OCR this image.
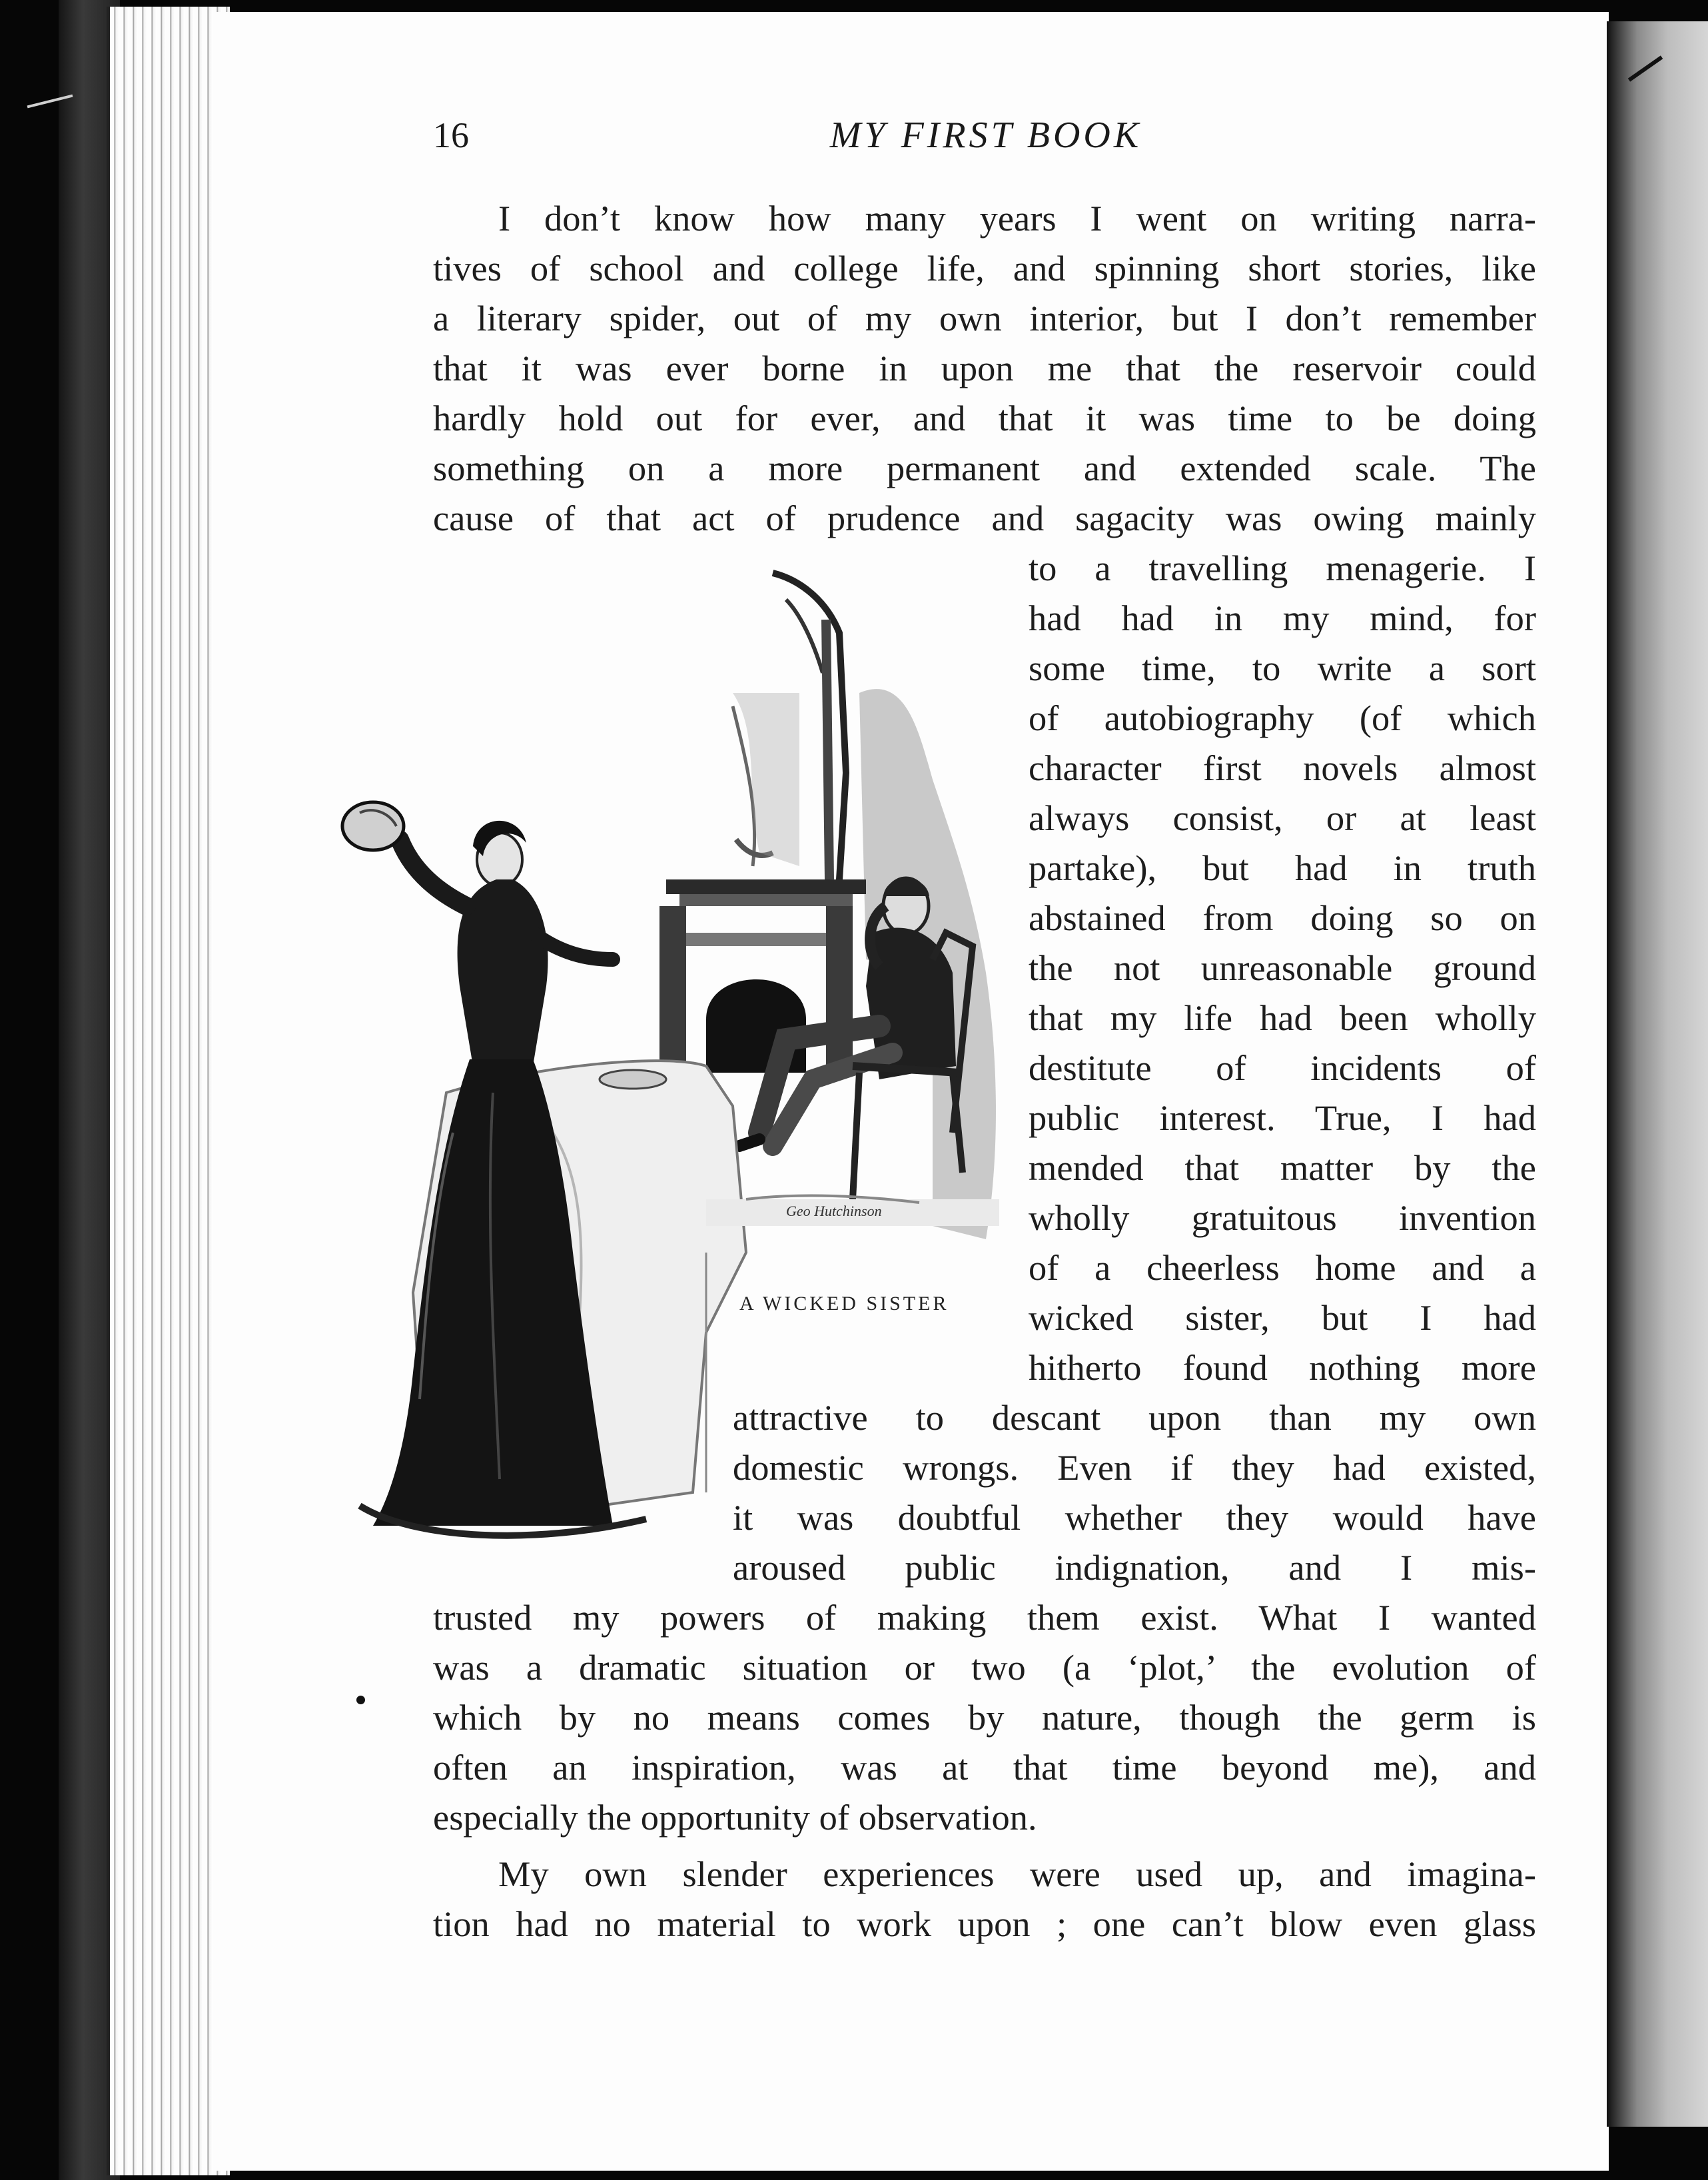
16	MY FIRST BOOK

I don’t know how many years I went on writing narra-

tives of school and college life, and spinning short stories, like

a literary spider, out of my own interior, but I don’t remember

that it was ever borne in upon me that the reservoir could

hardly hold out for ever, and that it was time to be doing

something on a more permanent and extended scale. The

cause of that act of prudence and sagacity was owing mainly

to a travelling menagerie. I

had had in my mind, for

some time, to write a sort

of autobiography (of which

character first novels almost

always consist, or at least

partake), but had in truth

abstained from doing so on

the not unreasonable ground

that my life had been wholly

destitute of incidents of

public interest. True, I had

mended that matter by the

wholly gratuitous invention

of a cheerless home and a

wicked sister, but I had

hitherto found nothing more

attractive to descant upon than my own

domestic wrongs. Even if they had existed,

it was doubtful whether they would have

aroused public indignation, and I mis-

trusted my powers of making them exist. What I wanted

was a dramatic situation or two (a ‘plot,’ the evolution of

which by no means comes by nature, though the germ is

often an inspiration, was at that time beyond me), and

especially the opportunity of observation.

My own slender experiences were used up, and imagina-

tion had no material to work upon ; one can’t blow even glass

Geo Hutchinson
A WICKED SISTER
